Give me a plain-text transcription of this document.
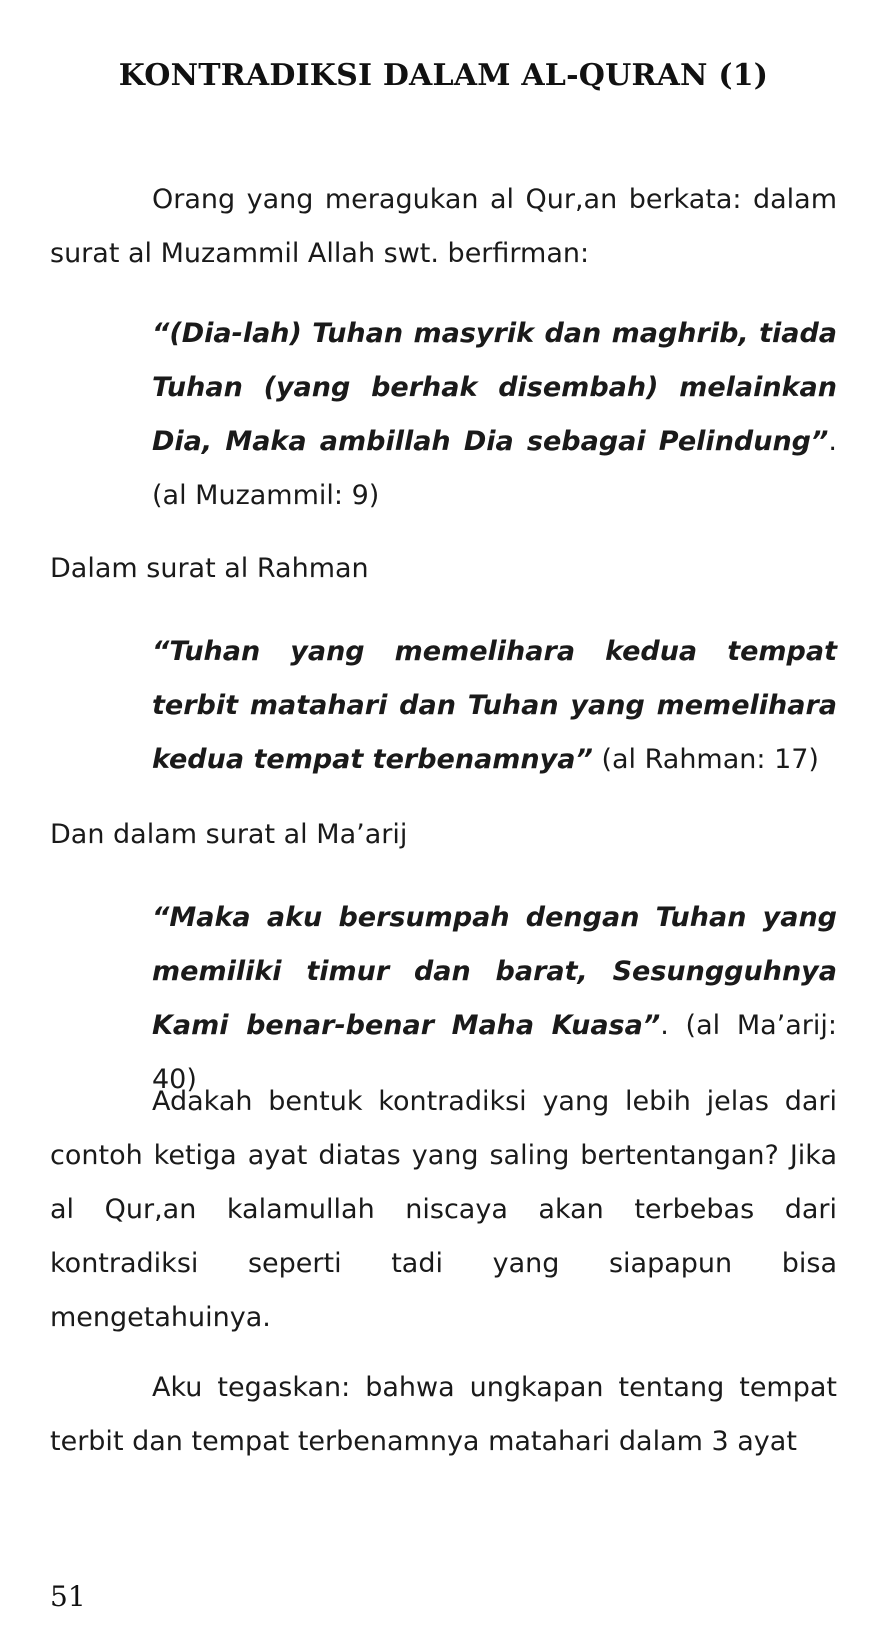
KONTRADIKSI DALAM AL-QURAN (1)

Orang yang meragukan al Qur,an berkata: dalam surat al Muzammil Allah swt. berfirman:

“(Dia-lah) Tuhan masyrik dan maghrib, tiada Tuhan (yang berhak disembah) melainkan Dia, Maka ambillah Dia sebagai Pelindung”. (al Muzammil: 9)

Dalam surat al Rahman

“Tuhan yang memelihara kedua tempat terbit matahari dan Tuhan yang memelihara kedua tempat terbenamnya” (al Rahman: 17)

Dan dalam surat al Ma’arij

“Maka aku bersumpah dengan Tuhan yang memiliki timur dan barat, Sesungguhnya Kami benar-benar Maha Kuasa”. (al Ma’arij: 40)

Adakah bentuk kontradiksi yang lebih jelas dari contoh ketiga ayat diatas yang saling bertentangan? Jika al Qur,an kalamullah niscaya akan terbebas dari kontradiksi seperti tadi yang siapapun bisa mengetahuinya.

Aku tegaskan: bahwa ungkapan tentang tempat terbit dan tempat terbenamnya matahari dalam 3 ayat

51
